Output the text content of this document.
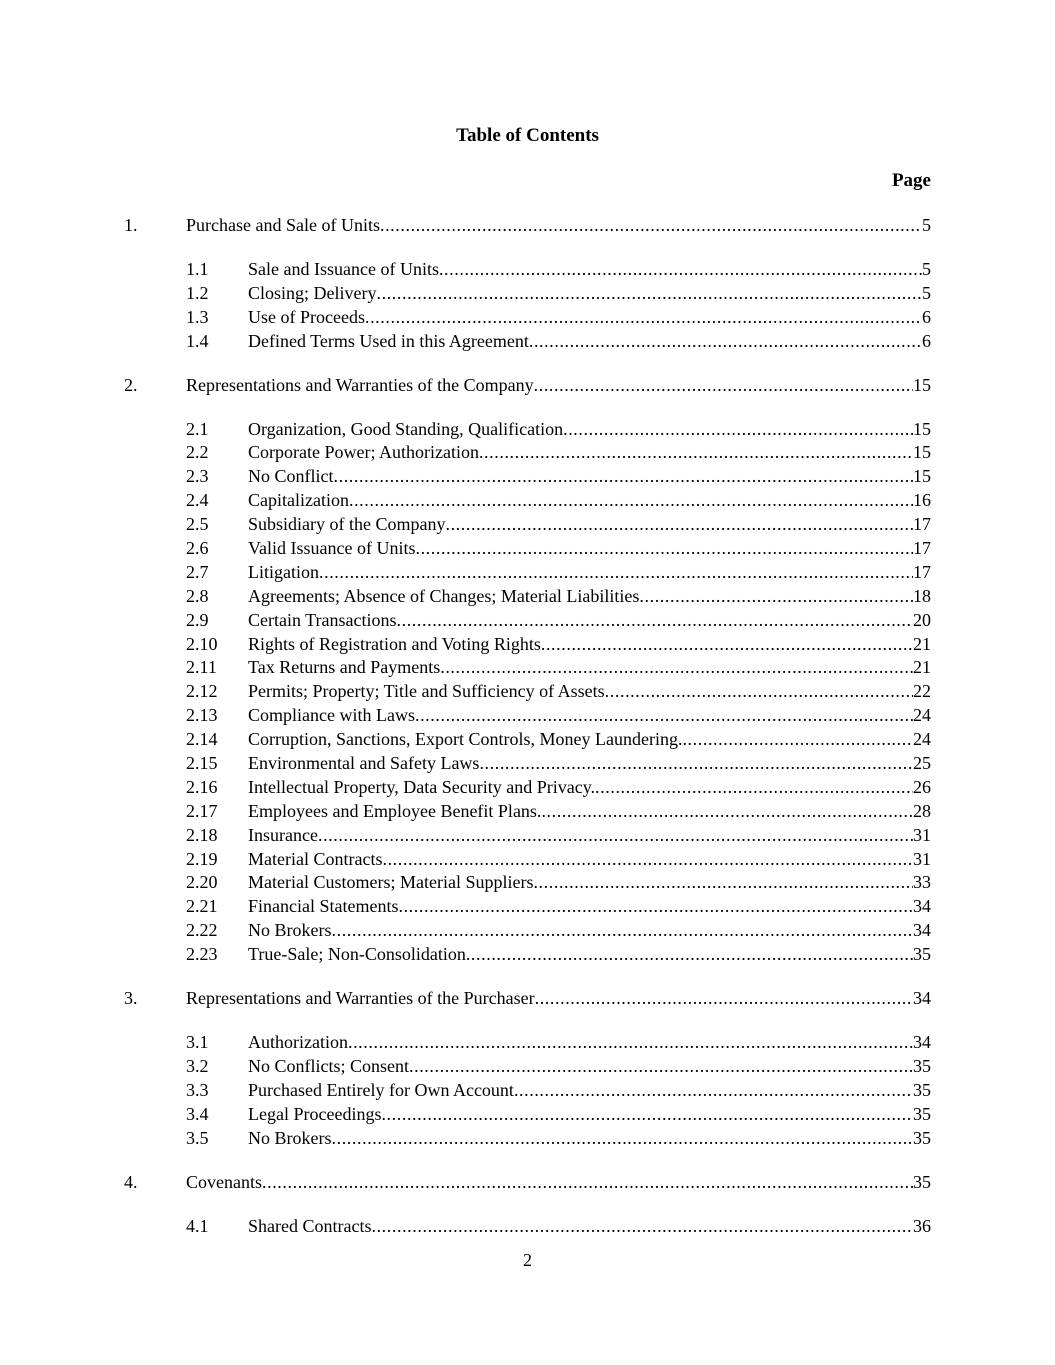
Table of Contents
Page
1.	Purchase and Sale of Units .....	5
1.1 Sale and Issuance of Units .....	5
1.2 Closing; Delivery .....	5
1.3 Use of Proceeds .....	6
1.4 Defined Terms Used in this Agreement .....	6
2.	Representations and Warranties of the Company .....	15
2.1 Organization, Good Standing, Qualification .....	15
2.2 Corporate Power; Authorization .....	15
2.3 No Conflict .....	15
2.4 Capitalization .....	16
2.5 Subsidiary of the Company .....	17
2.6 Valid Issuance of Units .....	17
2.7 Litigation .....	17
2.8 Agreements; Absence of Changes; Material Liabilities .....	18
2.9 Certain Transactions .....	20
2.10 Rights of Registration and Voting Rights .....	21
2.11 Tax Returns and Payments .....	21
2.12 Permits; Property; Title and Sufficiency of Assets .....	22
2.13 Compliance with Laws .....	24
2.14 Corruption, Sanctions, Export Controls, Money Laundering. .....	24
2.15 Environmental and Safety Laws .....	25
2.16 Intellectual Property, Data Security and Privacy. .....	26
2.17 Employees and Employee Benefit Plans. .....	28
2.18 Insurance .....	31
2.19 Material Contracts .....	31
2.20 Material Customers; Material Suppliers .....	33
2.21 Financial Statements .....	34
2.22 No Brokers .....	34
2.23 True-Sale; Non-Consolidation .....	35
3.	Representations and Warranties of the Purchaser .....	34
3.1 Authorization .....	34
3.2 No Conflicts; Consent .....	35
3.3 Purchased Entirely for Own Account .....	35
3.4 Legal Proceedings .....	35
3.5 No Brokers .....	35
4.	Covenants .....	35
4.1 Shared Contracts .....	36
2
